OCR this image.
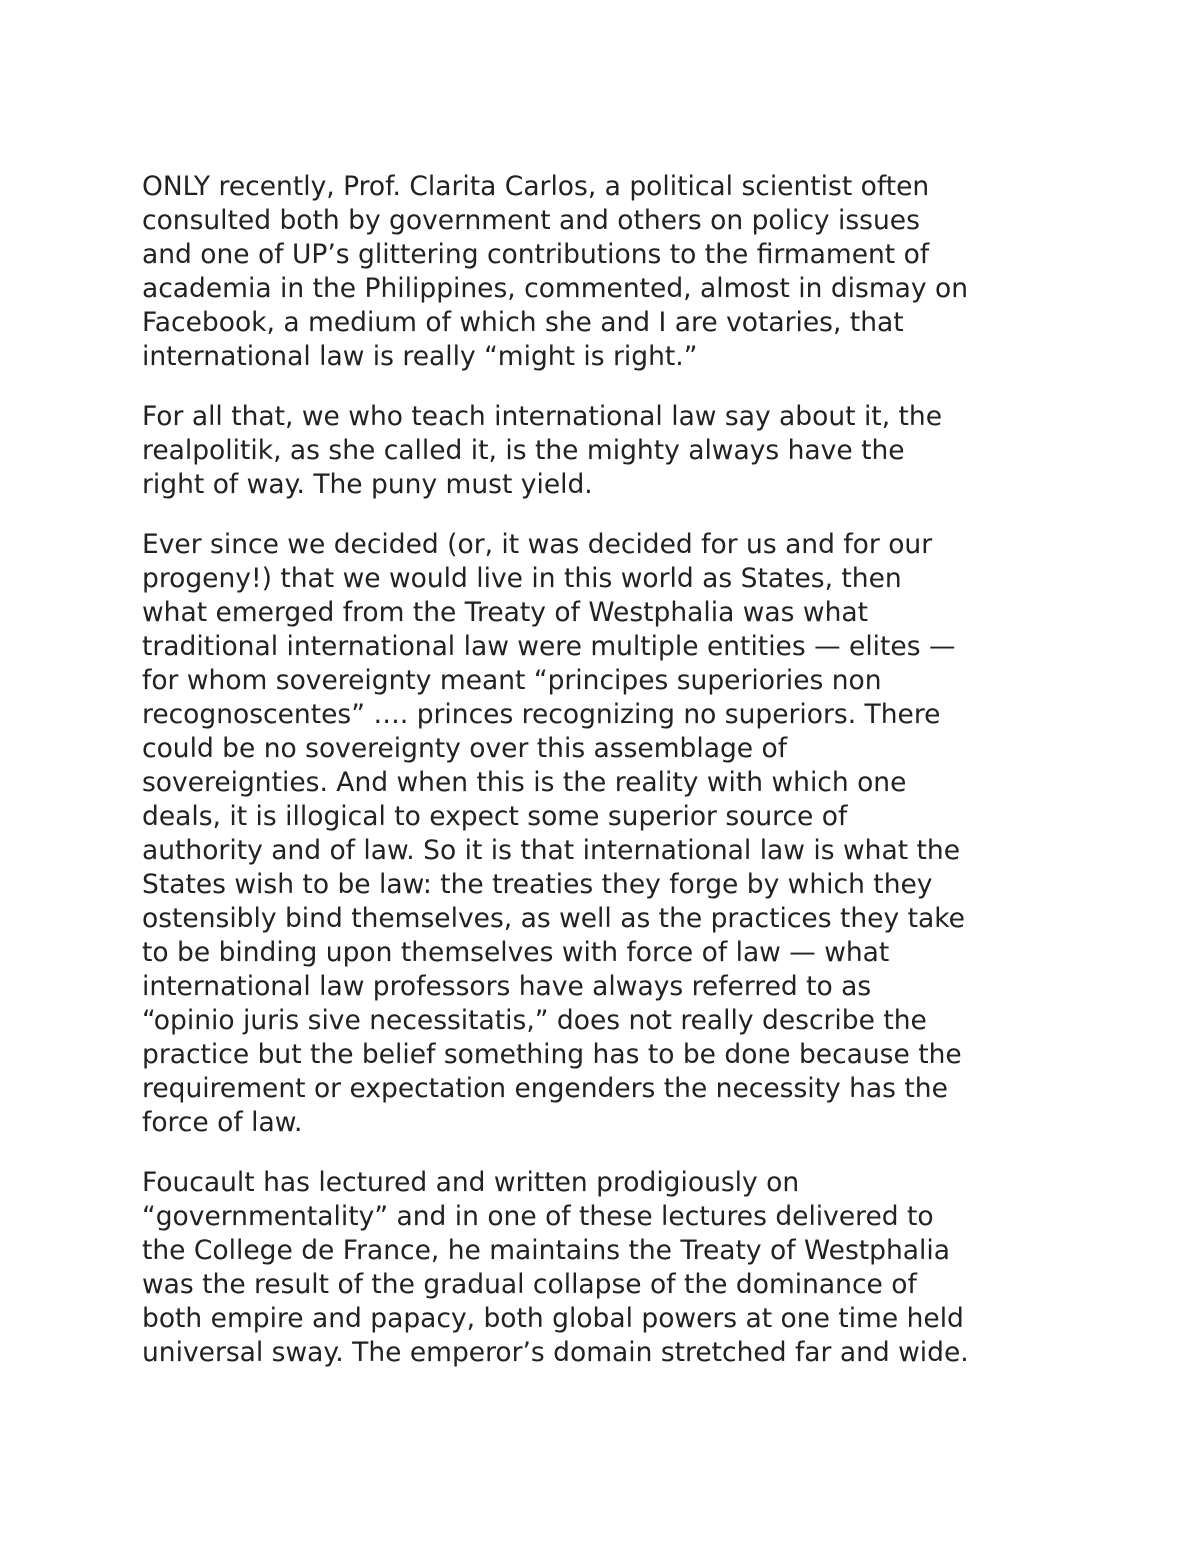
ONLY recently, Prof. Clarita Carlos, a political scientist often
consulted both by government and others on policy issues
and one of UP’s glittering contributions to the firmament of
academia in the Philippines, commented, almost in dismay on
Facebook, a medium of which she and I are votaries, that
international law is really “might is right.”

For all that, we who teach international law say about it, the
realpolitik, as she called it, is the mighty always have the
right of way. The puny must yield.

Ever since we decided (or, it was decided for us and for our
progeny!) that we would live in this world as States, then
what emerged from the Treaty of Westphalia was what
traditional international law were multiple entities — elites —
for whom sovereignty meant “principes superiories non
recognoscentes” …. princes recognizing no superiors. There
could be no sovereignty over this assemblage of
sovereignties. And when this is the reality with which one
deals, it is illogical to expect some superior source of
authority and of law. So it is that international law is what the
States wish to be law: the treaties they forge by which they
ostensibly bind themselves, as well as the practices they take
to be binding upon themselves with force of law — what
international law professors have always referred to as
“opinio juris sive necessitatis,” does not really describe the
practice but the belief something has to be done because the
requirement or expectation engenders the necessity has the
force of law.

Foucault has lectured and written prodigiously on
“governmentality” and in one of these lectures delivered to
the College de France, he maintains the Treaty of Westphalia
was the result of the gradual collapse of the dominance of
both empire and papacy, both global powers at one time held
universal sway. The emperor’s domain stretched far and wide.
